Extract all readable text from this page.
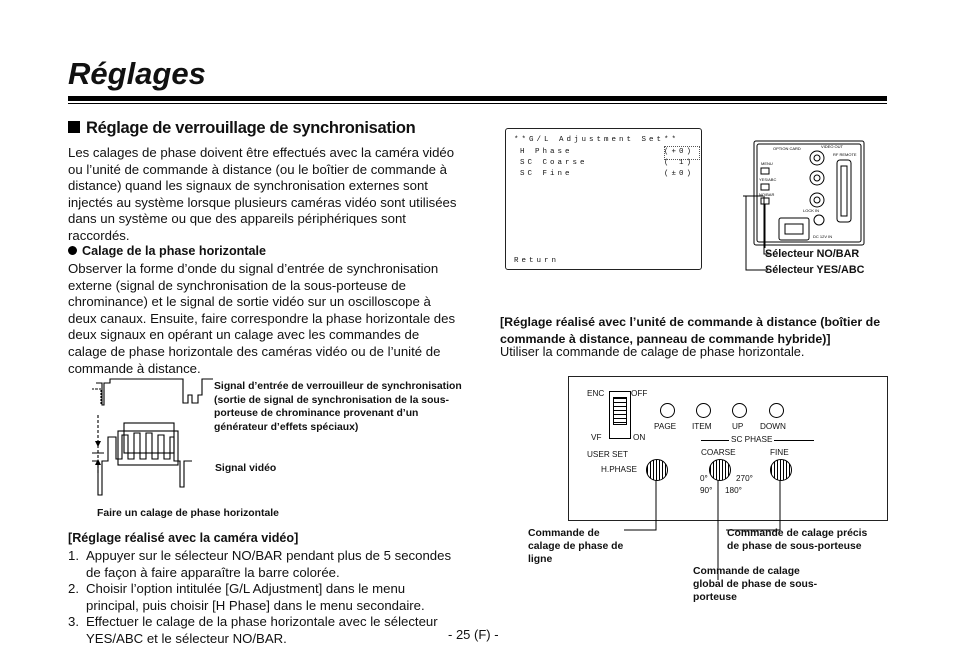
Réglages
Réglage de verrouillage de synchronisation
Les calages de phase doivent être effectués avec la caméra vidéo ou l’unité de commande à distance (ou le boîtier de commande à distance) quand les signaux de synchronisation externes sont injectés au système lorsque plusieurs caméras vidéo sont utilisées dans un système ou que des appareils périphériques sont raccordés.
Calage de la phase horizontale
Observer la forme d’onde du signal d’entrée de synchronisation externe (signal de synchronisation de la sous-porteuse de chrominance) et le signal de sortie vidéo sur un oscilloscope à deux canaux. Ensuite, faire correspondre la phase horizontale des deux signaux en opérant un calage avec les commandes de calage de phase horizontale des caméras vidéo ou de l’unité de commande à distance.
Signal d’entrée de verrouilleur de synchronisation (sortie de signal de synchronisation de la sous-porteuse de chrominance provenant d’un générateur d’effets spéciaux)
Signal vidéo
Faire un calage de phase horizontale
[Réglage réalisé avec la caméra vidéo]
1. Appuyer sur le sélecteur NO/BAR pendant plus de 5 secondes de façon à faire apparaître la barre colorée.
2. Choisir l’option intitulée [G/L Adjustment] dans le menu principal, puis choisir [H Phase] dans le menu secondaire.
3. Effectuer le calage de la phase horizontale avec le sélecteur YES/ABC et le sélecteur NO/BAR.	- 25 (F) -
**G/L Adjustment Set**
H Phase	(+0)
SC Coarse	( 1)
SC Fine	(±0)
Return
OPTION CARD	VIDEO OUT
RF REMOTE
MENU
YES/ABC
NO/BAR
LOCK IN
DC 12V IN
Sélecteur NO/BAR
Sélecteur YES/ABC
[Réglage réalisé avec l’unité de commande à distance (boîtier de commande à distance, panneau de commande hybride)]
Utiliser la commande de calage de phase horizontale.
ENC	OFF
VF	ON
PAGE ITEM UP DOWN
USER SET
H.PHASE
SC PHASE
COARSE
0°	270°
90° 180°
FINE
Commande de calage de phase de ligne
Commande de calage précis de phase de sous-porteuse
Commande de calage global de phase de sous-porteuse
